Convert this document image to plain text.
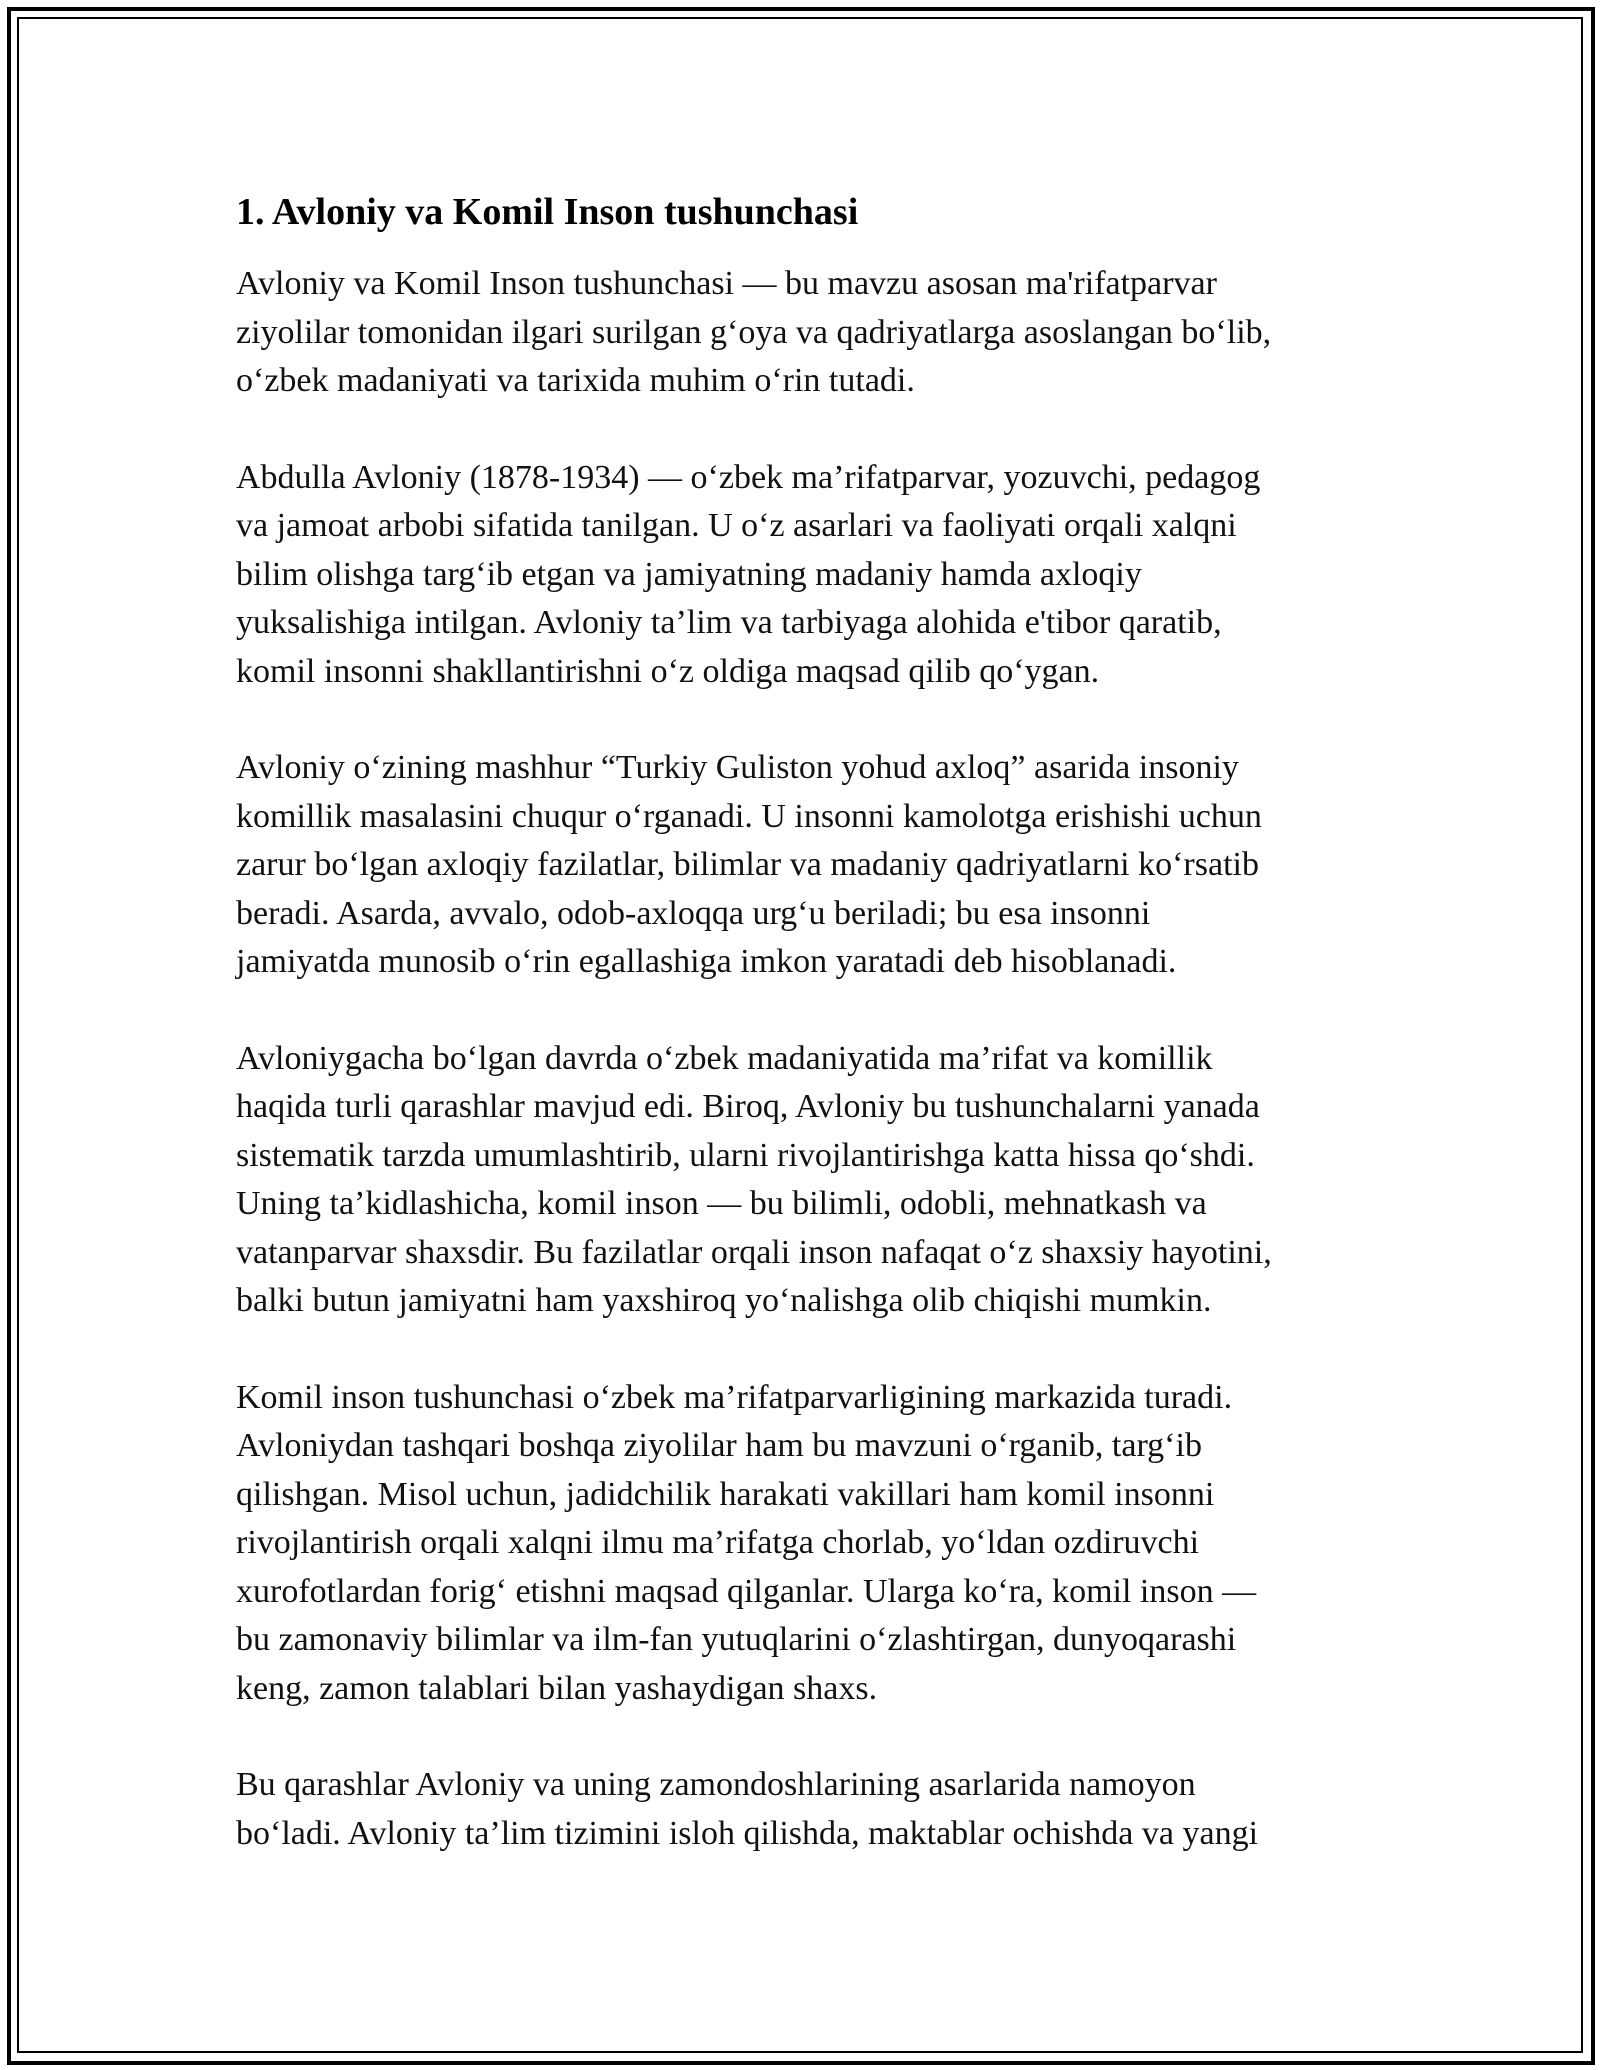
1. Avloniy va Komil Inson tushunchasi

Avloniy va Komil Inson tushunchasi — bu mavzu asosan ma'rifatparvar
ziyolilar tomonidan ilgari surilgan g‘oya va qadriyatlarga asoslangan bo‘lib,
o‘zbek madaniyati va tarixida muhim o‘rin tutadi.

Abdulla Avloniy (1878-1934) — o‘zbek ma’rifatparvar, yozuvchi, pedagog
va jamoat arbobi sifatida tanilgan. U o‘z asarlari va faoliyati orqali xalqni
bilim olishga targ‘ib etgan va jamiyatning madaniy hamda axloqiy
yuksalishiga intilgan. Avloniy ta’lim va tarbiyaga alohida e'tibor qaratib,
komil insonni shakllantirishni o‘z oldiga maqsad qilib qo‘ygan.

Avloniy o‘zining mashhur “Turkiy Guliston yohud axloq” asarida insoniy
komillik masalasini chuqur o‘rganadi. U insonni kamolotga erishishi uchun
zarur bo‘lgan axloqiy fazilatlar, bilimlar va madaniy qadriyatlarni ko‘rsatib
beradi. Asarda, avvalo, odob-axloqqa urg‘u beriladi; bu esa insonni
jamiyatda munosib o‘rin egallashiga imkon yaratadi deb hisoblanadi.

Avloniygacha bo‘lgan davrda o‘zbek madaniyatida ma’rifat va komillik
haqida turli qarashlar mavjud edi. Biroq, Avloniy bu tushunchalarni yanada
sistematik tarzda umumlashtirib, ularni rivojlantirishga katta hissa qo‘shdi.
Uning ta’kidlashicha, komil inson — bu bilimli, odobli, mehnatkash va
vatanparvar shaxsdir. Bu fazilatlar orqali inson nafaqat o‘z shaxsiy hayotini,
balki butun jamiyatni ham yaxshiroq yo‘nalishga olib chiqishi mumkin.

Komil inson tushunchasi o‘zbek ma’rifatparvarligining markazida turadi.
Avloniydan tashqari boshqa ziyolilar ham bu mavzuni o‘rganib, targ‘ib
qilishgan. Misol uchun, jadidchilik harakati vakillari ham komil insonni
rivojlantirish orqali xalqni ilmu ma’rifatga chorlab, yo‘ldan ozdiruvchi
xurofotlardan forig‘ etishni maqsad qilganlar. Ularga ko‘ra, komil inson —
bu zamonaviy bilimlar va ilm-fan yutuqlarini o‘zlashtirgan, dunyoqarashi
keng, zamon talablari bilan yashaydigan shaxs.

Bu qarashlar Avloniy va uning zamondoshlarining asarlarida namoyon
bo‘ladi. Avloniy ta’lim tizimini isloh qilishda, maktablar ochishda va yangi
